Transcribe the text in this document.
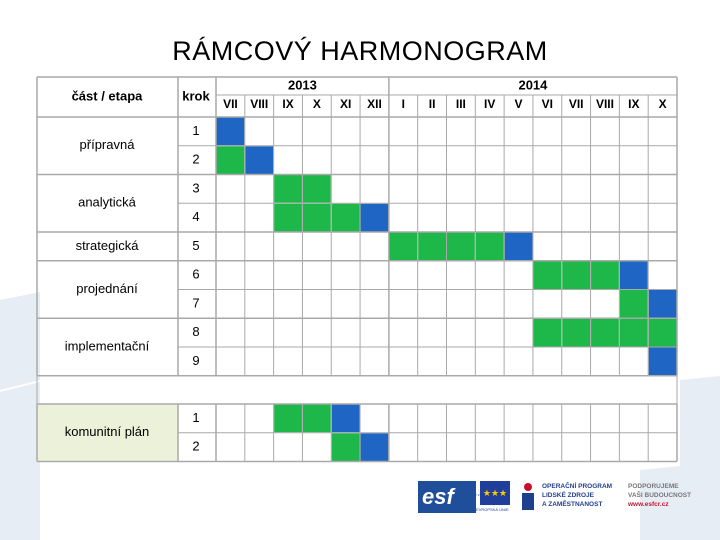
RÁMCOVÝ HARMONOGRAM
část / etapa	krok
2013	2014
VII VIII IX X XI XII I II III IV V VI VII VIII IX X
přípravná
analytická
strategická
projednání
implementační
komunitní plán
1
2
3
4
5
6
7
8
9
1
2
esf evropský sociální fond v ČR
★★★
EVROPSKÁ UNIE
OPERAČNÍ PROGRAM
LIDSKÉ ZDROJE
A ZAMĚSTNANOST
PODPORUJEME
VAŠI BUDOUCNOST
www.esfcr.cz
